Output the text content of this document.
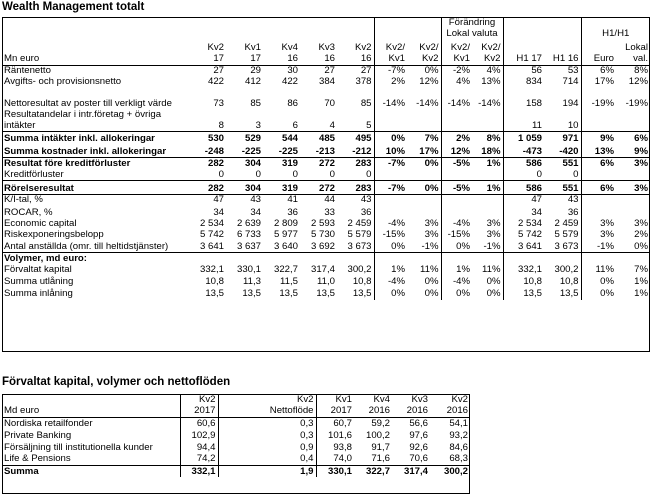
Wealth Management totalt
								Förändring					
								Lokal valuta				H1/H1	
	Kv2	Kv1	Kv4	Kv3	Kv2	Kv2/	Kv2/	Kv2/	Kv2/				Lokal
Mn euro	17	17	16	16	16	Kv1	Kv2	Kv1	Kv2	H1 17	H1 16	Euro	val.
Räntenetto	27	29	30	27	27	-7%	0%	-2%	4%	56	53	6%	8%
Avgifts- och provisionsnetto	422	412	422	384	378	2%	12%	4%	13%	834	714	17%	12%
Nettoresultat av poster till verkligt värde	73	85	86	70	85	-14%	-14%	-14%	-14%	158	194	-19%	-19%
Resultatandelar i intr.företag + övriga intäkter	8	3	6	4	5					11	10		
Summa intäkter inkl. allokeringar	530	529	544	485	495	0%	7%	2%	8%	1 059	971	9%	6%
Summa kostnader inkl. allokeringar	-248	-225	-225	-213	-212	10%	17%	12%	18%	-473	-420	13%	9%
Resultat före kreditförluster	282	304	319	272	283	-7%	0%	-5%	1%	586	551	6%	3%
Kreditförluster	0	0	0	0	0					0	0		
Rörelseresultat	282	304	319	272	283	-7%	0%	-5%	1%	586	551	6%	3%
K/I-tal, %	47	43	41	44	43					47	43		
ROCAR, %	34	34	36	33	36					34	36		
Economic capital	2 534	2 639	2 809	2 593	2 459	-4%	3%	-4%	3%	2 534	2 459	3%	3%
Riskexponeringsbelopp	5 742	6 733	5 977	5 730	5 579	-15%	3%	-15%	3%	5 742	5 579	3%	2%
Antal anställda (omr. till heltidstjänster)	3 641	3 637	3 640	3 692	3 673	0%	-1%	0%	-1%	3 641	3 673	-1%	0%
Volymer, md euro:													
Förvaltat kapital	332,1	330,1	322,7	317,4	300,2	1%	11%	1%	11%	332,1	300,2	11%	7%
Summa utlåning	10,8	11,3	11,5	11,0	10,8	-4%	0%	-4%	0%	10,8	10,8	0%	1%
Summa inlåning	13,5	13,5	13,5	13,5	13,5	0%	0%	0%	0%	13,5	13,5	0%	1%
Förvaltat kapital, volymer och nettoflöden
	Kv2	Kv2	Kv1	Kv4	Kv3	Kv2
Md euro	2017	Nettoflöde	2017	2016	2016	2016
Nordiska retailfonder	60,6	0,3	60,7	59,2	56,6	54,1
Private Banking	102,9	0,3	101,6	100,2	97,6	93,2
Försäljning till institutionella kunder	94,4	0,9	93,8	91,7	92,6	84,6
Life & Pensions	74,2	0,4	74,0	71,6	70,6	68,3
Summa	332,1	1,9	330,1	322,7	317,4	300,2
